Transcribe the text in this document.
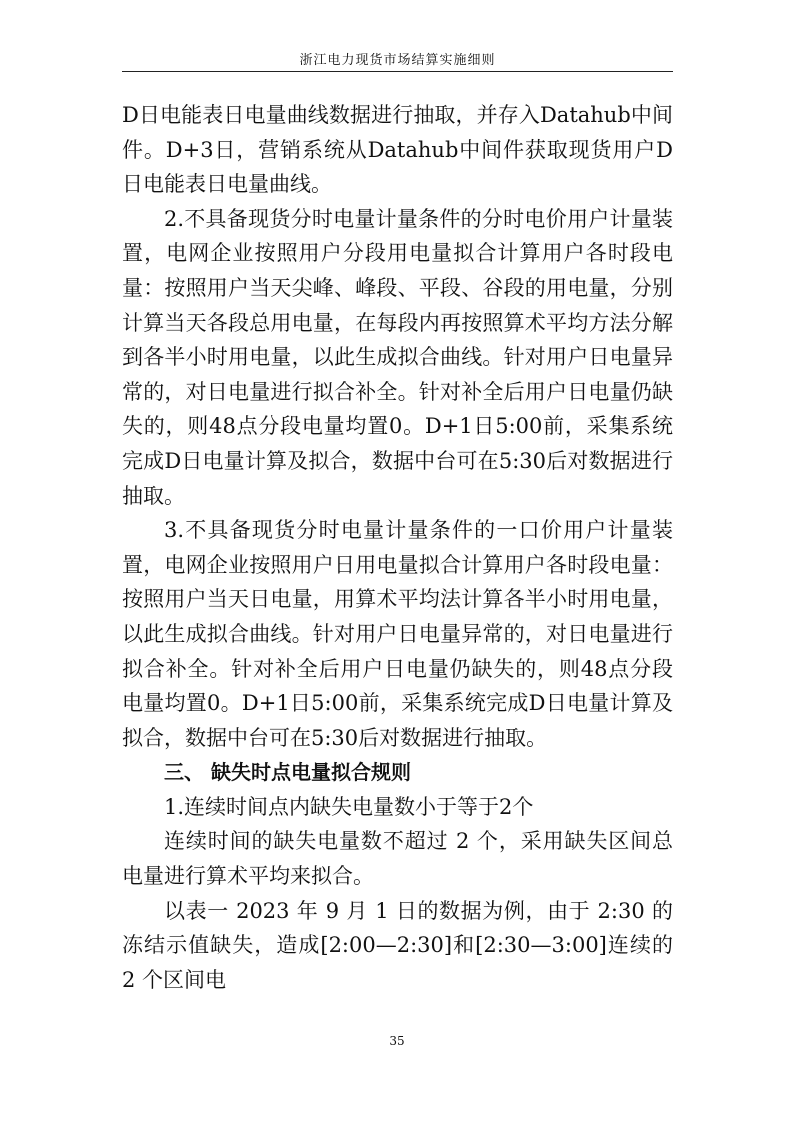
浙江电力现货市场结算实施细则

D日电能表日电量曲线数据进行抽取，并存入Datahub中间件。D+3日，营销系统从Datahub中间件获取现货用户D日电能表日电量曲线。

2.不具备现货分时电量计量条件的分时电价用户计量装置，电网企业按照用户分段用电量拟合计算用户各时段电量：按照用户当天尖峰、峰段、平段、谷段的用电量，分别计算当天各段总用电量，在每段内再按照算术平均方法分解到各半小时用电量，以此生成拟合曲线。针对用户日电量异常的，对日电量进行拟合补全。针对补全后用户日电量仍缺失的，则48点分段电量均置0。D+1日5:00前，采集系统完成D日电量计算及拟合，数据中台可在5:30后对数据进行抽取。

3.不具备现货分时电量计量条件的一口价用户计量装置，电网企业按照用户日用电量拟合计算用户各时段电量：按照用户当天日电量，用算术平均法计算各半小时用电量，以此生成拟合曲线。针对用户日电量异常的，对日电量进行拟合补全。针对补全后用户日电量仍缺失的，则48点分段电量均置0。D+1日5:00前，采集系统完成D日电量计算及拟合，数据中台可在5:30后对数据进行抽取。

三、 缺失时点电量拟合规则

1.连续时间点内缺失电量数小于等于2个

连续时间的缺失电量数不超过 2 个，采用缺失区间总电量进行算术平均来拟合。

以表一 2023 年 9 月 1 日的数据为例，由于 2:30 的冻结示值缺失，造成[2:00—2:30]和[2:30—3:00]连续的 2 个区间电

35
